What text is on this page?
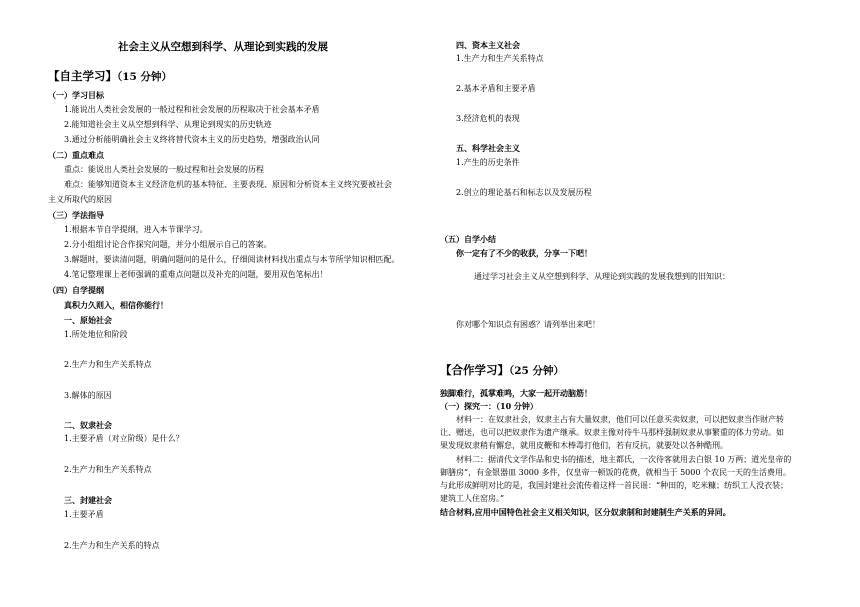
社会主义从空想到科学、从理论到实践的发展
【自主学习】（15 分钟）
（一）学习目标
1.能说出人类社会发展的一般过程和社会发展的历程取决于社会基本矛盾
2.能知道社会主义从空想到科学、从理论到现实的历史轨迹
3.通过分析能明确社会主义终将替代资本主义的历史趋势，增强政治认同
（二）重点难点
重点：能说出人类社会发展的一般过程和社会发展的历程
难点：能够知道资本主义经济危机的基本特征、主要表现、原因和分析资本主义终究要被社会
主义所取代的原因
（三）学法指导
1.根据本节自学提纲，进入本节课学习。
2.分小组组讨论合作探究问题，并分小组展示自己的答案。
3.解题时，要读清问题，明确问题问的是什么，仔细阅读材料找出重点与本节所学知识相匹配。
4.笔记整理课上老师强调的重难点问题以及补充的问题，要用双色笔标出！
（四）自学提纲
真积力久则入，相信你能行！
一、原始社会
1.所处地位和阶段
2.生产力和生产关系特点
3.解体的原因
二、奴隶社会
1.主要矛盾（对立阶级）是什么？
2.生产力和生产关系特点
三、封建社会
1.主要矛盾
2.生产力和生产关系的特点
四、资本主义社会
1.生产力和生产关系特点
2.基本矛盾和主要矛盾
3.经济危机的表现
五、科学社会主义
1.产生的历史条件
2.创立的理论基石和标志以及发展历程
（五）自学小结
你一定有了不少的收获，分享一下吧！
通过学习社会主义从空想到科学、从理论到实践的发展我想到的旧知识：
你对哪个知识点有困惑？请列举出来吧！
【合作学习】（25 分钟）
独脚难行，孤掌难鸣，大家一起开动脑筋！
（一）探究一：（10 分钟）
材料一：在奴隶社会，奴隶主占有大量奴隶，他们可以任意买卖奴隶，可以把奴隶当作财产转
让、赠送，也可以把奴隶作为遗产继承。奴隶主像对待牛马那样强制奴隶从事繁重的体力劳动。如
果发现奴隶稍有懈怠，就用皮鞭和木棒毒打他们，若有反抗，就要处以各种酷刑。
材料二：据清代文学作品和史书的描述，地主都氏，一次待客就用去白银 10 万两；道光皇帝的
御膳房”，有金银器皿 3000 多件，仅皇帝一顿饭的花费，就相当于 5000 个农民一天的生活费用。
与此形成鲜明对比的是，我国封建社会流传着这样一首民谣：“种田的，吃米糠；纺织工人没衣装；
建筑工人住窑房。”
结合材料,应用中国特色社会主义相关知识，区分奴隶制和封建制生产关系的异同。
